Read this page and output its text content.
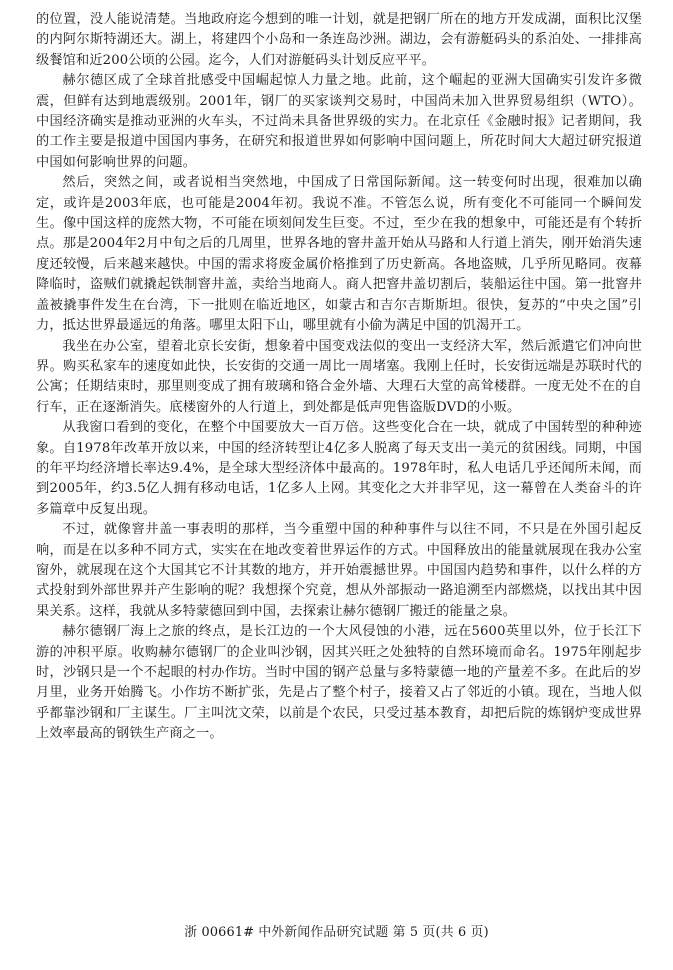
的位置，没人能说清楚。当地政府迄今想到的唯一计划，就是把钢厂所在的地方开发成湖，面积比汉堡的内阿尔斯特湖还大。湖上，将建四个小岛和一条连岛沙洲。湖边，会有游艇码头的系泊处、一排排高级餐馆和近200公顷的公园。迄今，人们对游艇码头计划反应平平。

赫尔德区成了全球首批感受中国崛起惊人力量之地。此前，这个崛起的亚洲大国确实引发许多微震，但鲜有达到地震级别。2001年，钢厂的买家谈判交易时，中国尚未加入世界贸易组织（WTO）。中国经济确实是推动亚洲的火车头，不过尚未具备世界级的实力。在北京任《金融时报》记者期间，我的工作主要是报道中国国内事务，在研究和报道世界如何影响中国问题上，所花时间大大超过研究报道中国如何影响世界的问题。

然后，突然之间，或者说相当突然地，中国成了日常国际新闻。这一转变何时出现，很难加以确定，或许是2003年底，也可能是2004年初。我说不准。不管怎么说，所有变化不可能同一个瞬间发生。像中国这样的庞然大物，不可能在顷刻间发生巨变。不过，至少在我的想象中，可能还是有个转折点。那是2004年2月中旬之后的几周里，世界各地的窨井盖开始从马路和人行道上消失，刚开始消失速度还较慢，后来越来越快。中国的需求将废金属价格推到了历史新高。各地盗贼，几乎所见略同。夜幕降临时，盗贼们就撬起铁制窨井盖，卖给当地商人。商人把窨井盖切割后，装船运往中国。第一批窨井盖被撬事件发生在台湾，下一批则在临近地区，如蒙古和吉尔吉斯斯坦。很快，复苏的“中央之国”引力，抵达世界最遥远的角落。哪里太阳下山，哪里就有小偷为满足中国的饥渴开工。

我坐在办公室，望着北京长安街，想象着中国变戏法似的变出一支经济大军，然后派遣它们冲向世界。购买私家车的速度如此快，长安街的交通一周比一周堵塞。我刚上任时，长安街远端是苏联时代的公寓；任期结束时，那里则变成了拥有玻璃和铬合金外墙、大理石大堂的高耸楼群。一度无处不在的自行车，正在逐渐消失。底楼窗外的人行道上，到处都是低声兜售盗版DVD的小贩。

从我窗口看到的变化，在整个中国要放大一百万倍。这些变化合在一块，就成了中国转型的种种迹象。自1978年改革开放以来，中国的经济转型让4亿多人脱离了每天支出一美元的贫困线。同期，中国的年平均经济增长率达9.4%，是全球大型经济体中最高的。1978年时，私人电话几乎还闻所未闻，而到2005年，约3.5亿人拥有移动电话，1亿多人上网。其变化之大并非罕见，这一幕曾在人类奋斗的许多篇章中反复出现。

不过，就像窨井盖一事表明的那样，当今重塑中国的种种事件与以往不同，不只是在外国引起反响，而是在以多种不同方式，实实在在地改变着世界运作的方式。中国释放出的能量就展现在我办公室窗外，就展现在这个大国其它不计其数的地方，并开始震撼世界。中国国内趋势和事件，以什么样的方式投射到外部世界并产生影响的呢？我想探个究竟，想从外部振动一路追溯至内部燃烧，以找出其中因果关系。这样，我就从多特蒙德回到中国，去探索让赫尔德钢厂搬迁的能量之泉。

赫尔德钢厂海上之旅的终点，是长江边的一个大风侵蚀的小港，远在5600英里以外，位于长江下游的冲积平原。收购赫尔德钢厂的企业叫沙钢，因其兴旺之处独特的自然环境而命名。1975年刚起步时，沙钢只是一个不起眼的村办作坊。当时中国的钢产总量与多特蒙德一地的产量差不多。在此后的岁月里，业务开始腾飞。小作坊不断扩张，先是占了整个村子，接着又占了邻近的小镇。现在，当地人似乎都靠沙钢和厂主谋生。厂主叫沈文荣，以前是个农民，只受过基本教育，却把后院的炼钢炉变成世界上效率最高的钢铁生产商之一。

浙 00661# 中外新闻作品研究试题 第 5 页(共 6 页)
